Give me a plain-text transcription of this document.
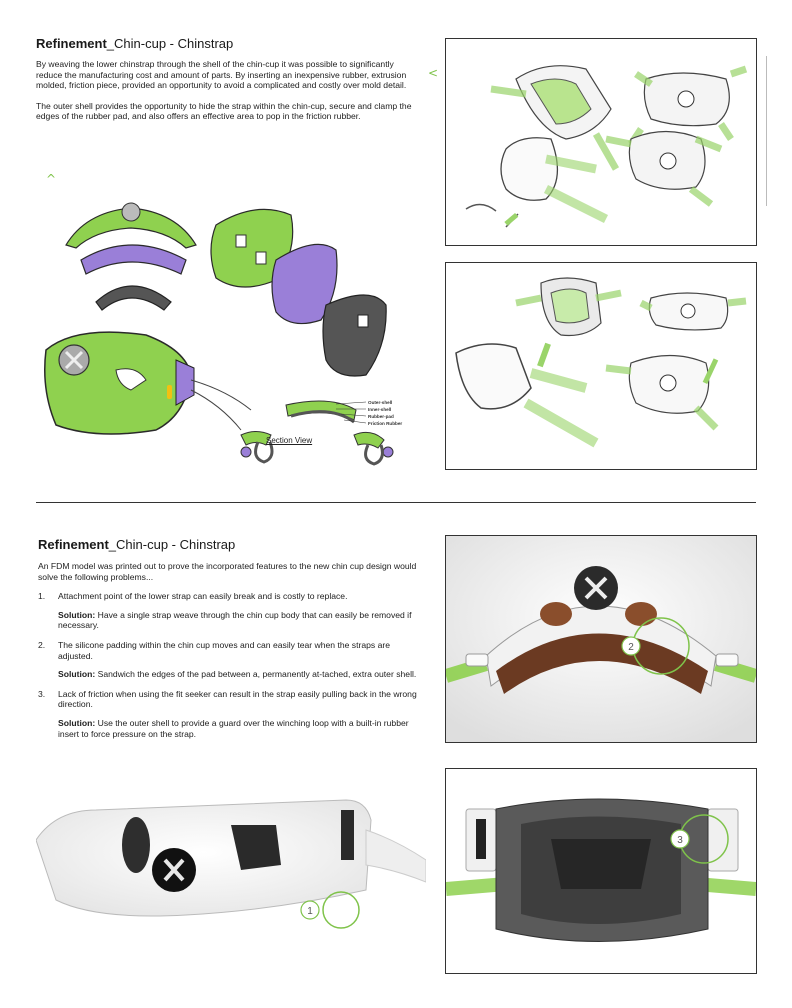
Refinement_Chin-cup - Chinstrap

By weaving the lower chinstrap through the shell of the chin-cup it was possible to significantly reduce the manufacturing cost and amount of parts. By inserting an inexpensive rubber, extrusion molded, friction piece, provided an opportunity to avoid a complicated and costly over mold detail.

The outer shell provides the opportunity to hide the strap within the chin-cup, secure and clamp the edges of the rubber pad, and also offers an effective area to pop in the friction rubber.

^
<
Outer-shell
Inner-shell
Rubber-pad
Friction Rubber
Section View
Refinement_Chin-cup - Chinstrap

An FDM model was printed out to prove the incorporated features to the new chin cup design would solve the following problems...

1. Attachment point of the lower strap can easily break and is costly to replace.
Solution: Have a single strap weave through the chin cup body that can easily be removed if necessary.
2. The silicone padding within the chin cup moves and can easily tear when the straps are adjusted.
Solution: Sandwich the edges of the pad between a, permanently at-tached, extra outer shell.
3. Lack of friction when using the fit seeker can result in the strap easily pulling back in the wrong direction.
Solution: Use the outer shell to provide a guard over the winching loop with a built-in rubber insert to force pressure on the strap.
2
1
3
